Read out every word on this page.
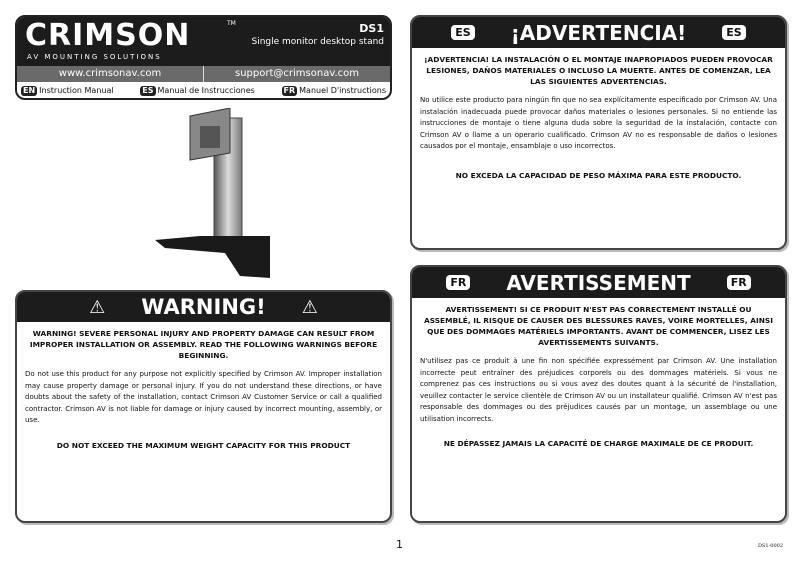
CRIMSON	TM
AV MOUNTING SOLUTIONS
DS1
Single monitor desktop stand
www.crimsonav.com	support@crimsonav.com
EN Instruction Manual	ES Manual de Instrucciones	FR Manuel D'instructions
⚠ WARNING! ⚠
WARNING! SEVERE PERSONAL INJURY AND PROPERTY DAMAGE CAN RESULT FROM IMPROPER INSTALLATION OR ASSEMBLY. READ THE FOLLOWING WARNINGS BEFORE BEGINNING.
Do not use this product for any purpose not explicitly specified by Crimson AV. Improper installation may cause property damage or personal injury. If you do not understand these directions, or have doubts about the safety of the installation, contact Crimson AV Customer Service or call a qualified contractor. Crimson AV is not liable for damage or injury caused by incorrect mounting, assembly, or use.
DO NOT EXCEED THE MAXIMUM WEIGHT CAPACITY FOR THIS PRODUCT
ES ¡ADVERTENCIA!	ES
¡ADVERTENCIA! LA INSTALACIÓN O EL MONTAJE INAPROPIADOS PUEDEN PROVOCAR LESIONES, DAÑOS MATERIALES O INCLUSO LA MUERTE. ANTES DE COMENZAR, LEA LAS SIGUIENTES ADVERTENCIAS.
No utilice este producto para ningún fin que no sea explícitamente especificado por Crimson AV. Una instalación inadecuada puede provocar daños materiales o lesiones personales. Si no entiende las instrucciones de montaje o tiene alguna duda sobre la seguridad de la instalación, contacte con Crimson AV o llame a un operario cualificado. Crimson AV no es responsable de daños o lesiones causados por el montaje, ensamblaje o uso incorrectos.
NO EXCEDA LA CAPACIDAD DE PESO MÁXIMA PARA ESTE PRODUCTO.
FR AVERTISSEMENT	FR
AVERTISSEMENT! SI CE PRODUIT N'EST PAS CORRECTEMENT INSTALLÉ OU ASSEMBLÉ, IL RISQUE DE CAUSER DES BLESSURES RAVES, VOIRE MORTELLES, AINSI QUE DES DOMMAGES MATÉRIELS IMPORTANTS. AVANT DE COMMENCER, LISEZ LES AVERTISSEMENTS SUIVANTS.
N'utilisez pas ce produit à une fin non spécifiée expressément par Crimson AV. Une installation incorrecte peut entraîner des préjudices corporels ou des dommages matériels. Si vous ne comprenez pas ces instructions ou si vous avez des doutes quant à la sécurité de l'installation, veuillez contacter le service clientèle de Crimson AV ou un installateur qualifié. Crimson AV n'est pas responsable des dommages ou des préjudices causés par un montage, un assemblage ou une utilisation incorrects.
NE DÉPASSEZ JAMAIS LA CAPACITÉ DE CHARGE MAXIMALE DE CE PRODUIT.
1	DS1-0002
